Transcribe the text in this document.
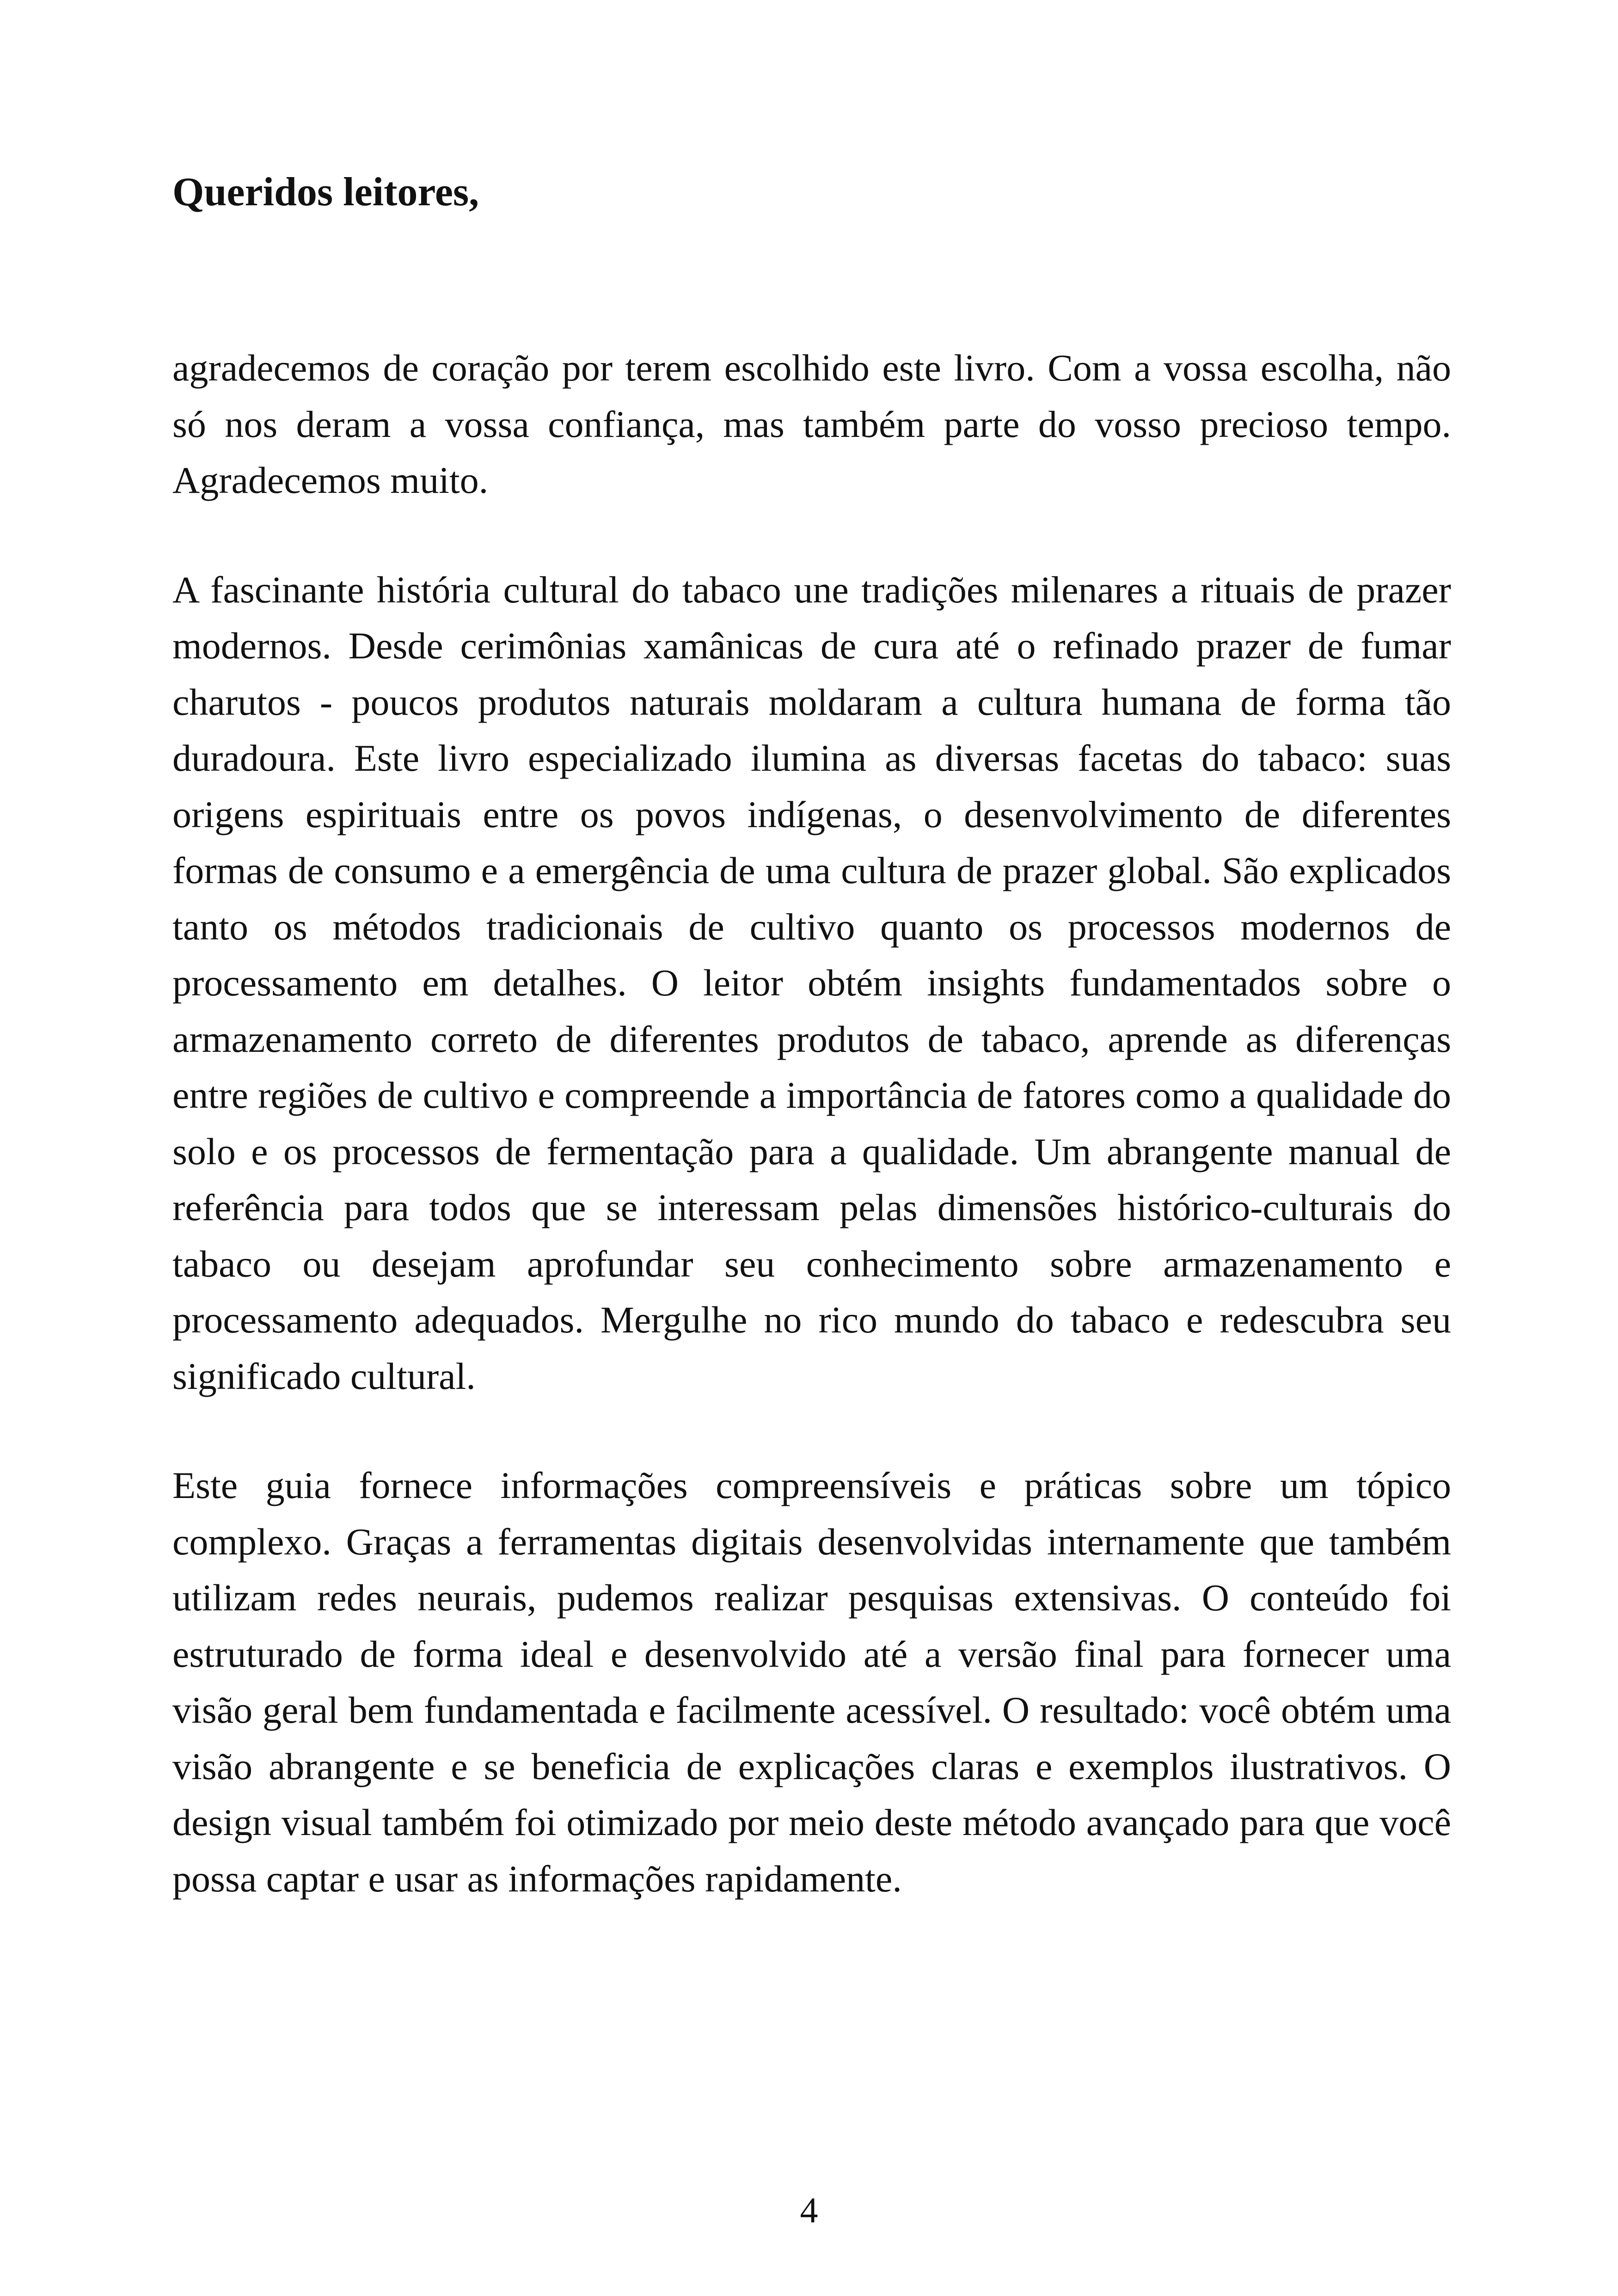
Queridos leitores,

agradecemos de coração por terem escolhido este livro. Com a vossa escolha, não só nos deram a vossa confiança, mas também parte do vosso precioso tempo. Agradecemos muito.

A fascinante história cultural do tabaco une tradições milenares a rituais de prazer modernos. Desde cerimônias xamânicas de cura até o refinado prazer de fumar charutos - poucos produtos naturais moldaram a cultura humana de forma tão duradoura. Este livro especializado ilumina as diversas facetas do tabaco: suas origens espirituais entre os povos indígenas, o desenvolvimento de diferentes formas de consumo e a emergência de uma cultura de prazer global. São explicados tanto os métodos tradicionais de cultivo quanto os processos modernos de processamento em detalhes. O leitor obtém insights fundamentados sobre o armazenamento correto de diferentes produtos de tabaco, aprende as diferenças entre regiões de cultivo e compreende a importância de fatores como a qualidade do solo e os processos de fermentação para a qualidade. Um abrangente manual de referência para todos que se interessam pelas dimensões histórico-culturais do tabaco ou desejam aprofundar seu conhecimento sobre armazenamento e processamento adequados. Mergulhe no rico mundo do tabaco e redescubra seu significado cultural.

Este guia fornece informações compreensíveis e práticas sobre um tópico complexo. Graças a ferramentas digitais desenvolvidas internamente que também utilizam redes neurais, pudemos realizar pesquisas extensivas. O conteúdo foi estruturado de forma ideal e desenvolvido até a versão final para fornecer uma visão geral bem fundamentada e facilmente acessível. O resultado: você obtém uma visão abrangente e se beneficia de explicações claras e exemplos ilustrativos. O design visual também foi otimizado por meio deste método avançado para que você possa captar e usar as informações rapidamente.

4
